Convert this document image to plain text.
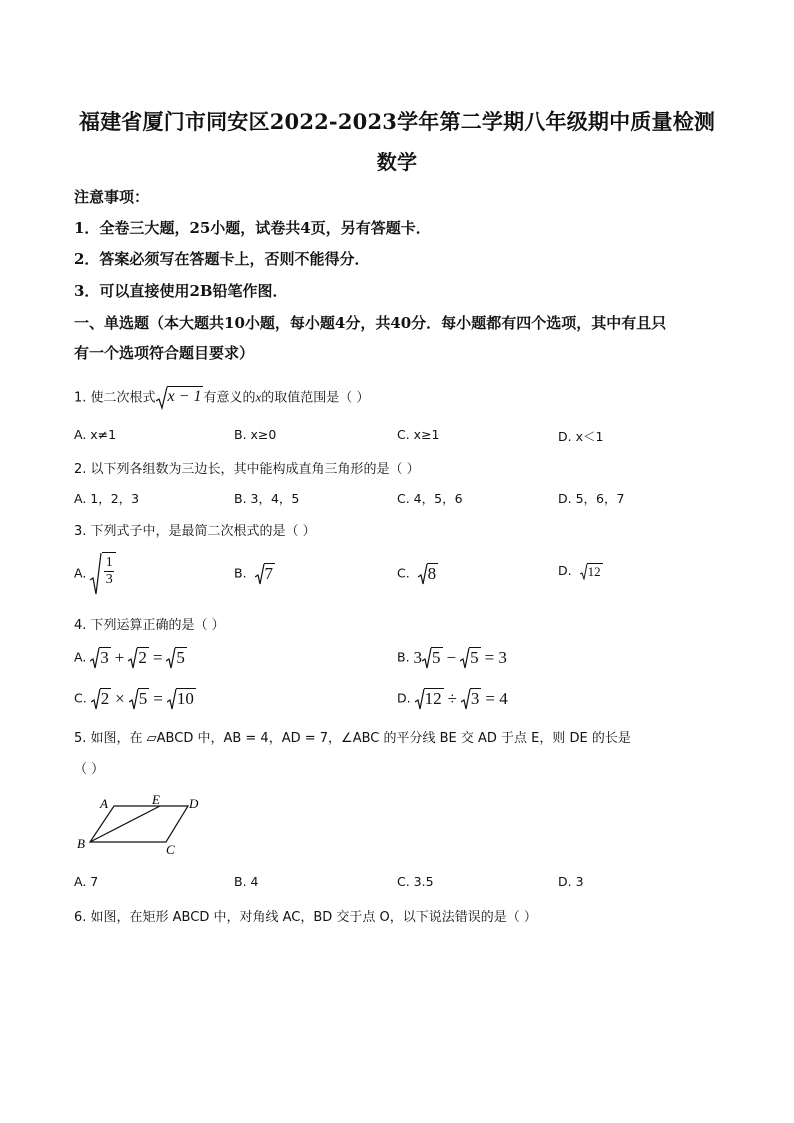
福建省厦门市同安区2022-2023学年第二学期八年级期中质量检测
数学
注意事项：
1．全卷三大题，25小题，试卷共4页，另有答题卡．
2．答案必须写在答题卡上，否则不能得分．
3．可以直接使用2B铅笔作图．
一、单选题（本大题共10小题，每小题4分，共40分．每小题都有四个选项，其中有且只
有一个选项符合题目要求）
1. 使二次根式 x − 1 有意义的x的取值范围是（ ）
A. x≠1	B. x≥0	C. x≥1	D. x＜1
2. 以下列各组数为三边长，其中能构成直角三角形的是（ ）
A. 1，2，3	B. 3，4，5	C. 4，5，6	D. 5，6，7
3. 下列式子中，是最简二次根式的是（ ）
A. $\frac{1}{3}$	B. 7	C. 8	D. 12
4. 下列运算正确的是（ ）
A. 3 + 2 = 5	B. 3 5 − 5 = 3
C. 2 × 5 = 10	D. 12 ÷ 3 = 4
5. 如图，在 ▱ABCD 中，AB = 4，AD = 7，∠ABC 的平分线 BE 交 AD 于点 E，则 DE 的长是
（ ）
A	E D
B	C
A. 7	B. 4	C. 3.5	D. 3
6. 如图，在矩形 ABCD 中，对角线 AC，BD 交于点 O，以下说法错误的是（ ）
